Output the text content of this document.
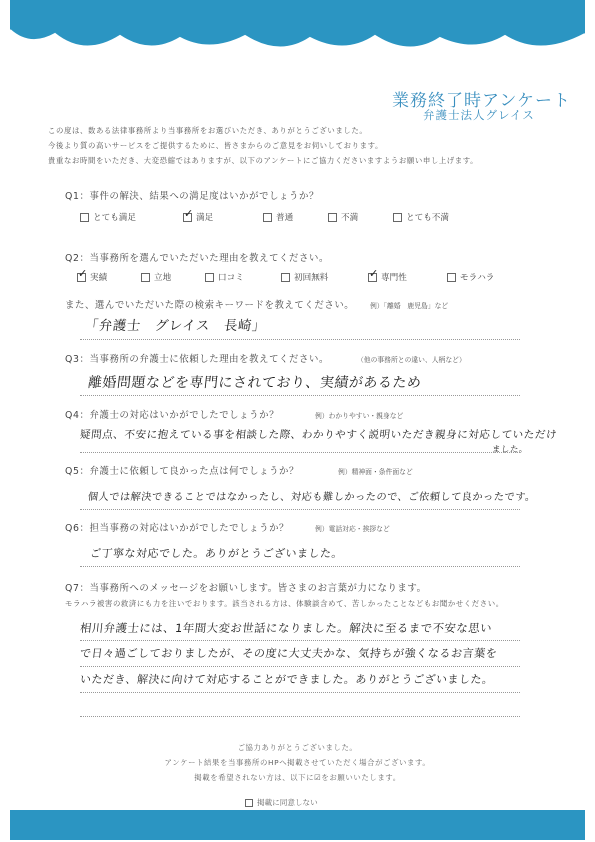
業務終了時アンケート
弁護士法人グレイス
この度は、数ある法律事務所より当事務所をお選びいただき、ありがとうございました。
今後より質の高いサービスをご提供するために、皆さまからのご意見をお伺いしております。
貴重なお時間をいただき、大変恐縮ではありますが、以下のアンケートにご協力くださいますようお願い申し上げます。
Q1：事件の解決、結果への満足度はいかがでしょうか？
とても満足 ✓	満足	普通	不満	とても不満
Q2：当事務所を選んでいただいた理由を教えてください。
✓
実績	立地	口コミ	初回無料 ✓	専門性	モラハラ
また、選んでいただいた際の検索キーワードを教えてください。 例）「離婚　鹿児島」など
「弁護士　グレイス　長崎」
Q3：当事務所の弁護士に依頼した理由を教えてください。	（他の事務所との違い、人柄など）
離婚問題などを専門にされており、実績があるため
Q4：弁護士の対応はいかがでしたでしょうか？	例）わかりやすい・親身など
疑問点、不安に抱えている事を相談した際、わかりやすく説明いただき親身に対応していただけ
ました。
Q5：弁護士に依頼して良かった点は何でしょうか？	例）精神面・条件面など
個人では解決できることではなかったし、対応も難しかったので、ご依頼して良かったです。
Q6：担当事務の対応はいかがでしたでしょうか？	例）電話対応・挨拶など
ご丁寧な対応でした。ありがとうございました。
Q7：当事務所へのメッセージをお願いします。皆さまのお言葉が力になります。
モラハラ被害の救済にも力を注いでおります。該当される方は、体験談含めて、苦しかったことなどもお聞かせください。
相川弁護士には、1年間大変お世話になりました。解決に至るまで不安な思い
で日々過ごしておりましたが、その度に大丈夫かな、気持ちが強くなるお言葉を
いただき、解決に向けて対応することができました。ありがとうございました。
ご協力ありがとうございました。
アンケート結果を当事務所のHPへ掲載させていただく場合がございます。
掲載を希望されない方は、以下に☑をお願いいたします。
掲載に同意しない
